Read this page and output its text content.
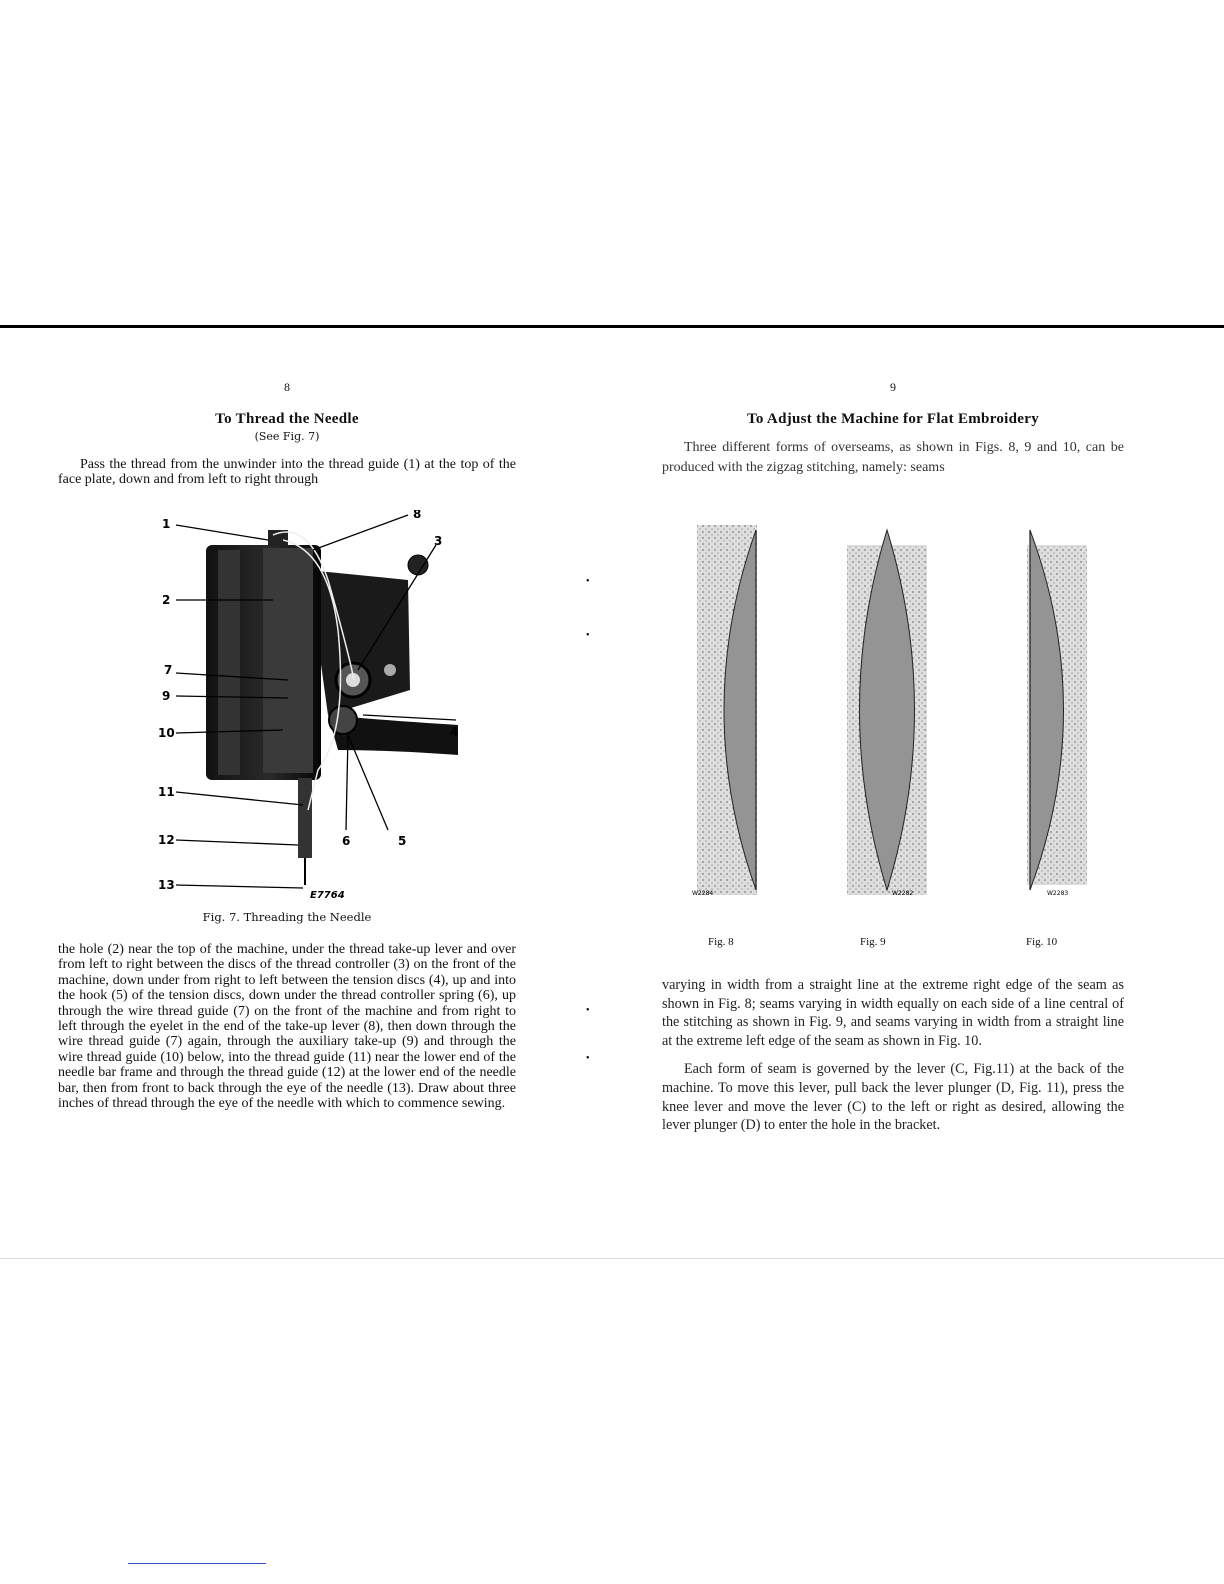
8
To Thread the Needle
(See Fig. 7)

Pass the thread from the unwinder into the thread guide (1) at the top of the face plate, down and from left to right through

1
2
7
9
10
11
12
13
8
3
4
5
6
E7764
Fig. 7. Threading the Needle

the hole (2) near the top of the machine, under the thread take-up lever and over from left to right between the discs of the thread controller (3) on the front of the machine, down under from right to left between the tension discs (4), up and into the hook (5) of the tension discs, down under the thread controller spring (6), up through the wire thread guide (7) on the front of the machine and from right to left through the eyelet in the end of the take-up lever (8), then down through the wire thread guide (7) again, through the auxiliary take-up (9) and through the wire thread guide (10) below, into the thread guide (11) near the lower end of the needle bar frame and through the thread guide (12) at the lower end of the needle bar, then from front to back through the eye of the needle (13). Draw about three inches of thread through the eye of the needle with which to commence sewing.

•
•
•
•
9
To Adjust the Machine for Flat Embroidery

Three different forms of overseams, as shown in Figs. 8, 9 and 10, can be produced with the zigzag stitching, namely: seams

W2284	W2282	W2283
Fig. 8	Fig. 9	Fig. 10

varying in width from a straight line at the extreme right edge of the seam as shown in Fig. 8; seams varying in width equally on each side of a line central of the stitching as shown in Fig. 9, and seams varying in width from a straight line at the extreme left edge of the seam as shown in Fig. 10.

Each form of seam is governed by the lever (C, Fig.11) at the back of the machine. To move this lever, pull back the lever plunger (D, Fig. 11), press the knee lever and move the lever (C) to the left or right as desired, allowing the lever plunger (D) to enter the hole in the bracket.
